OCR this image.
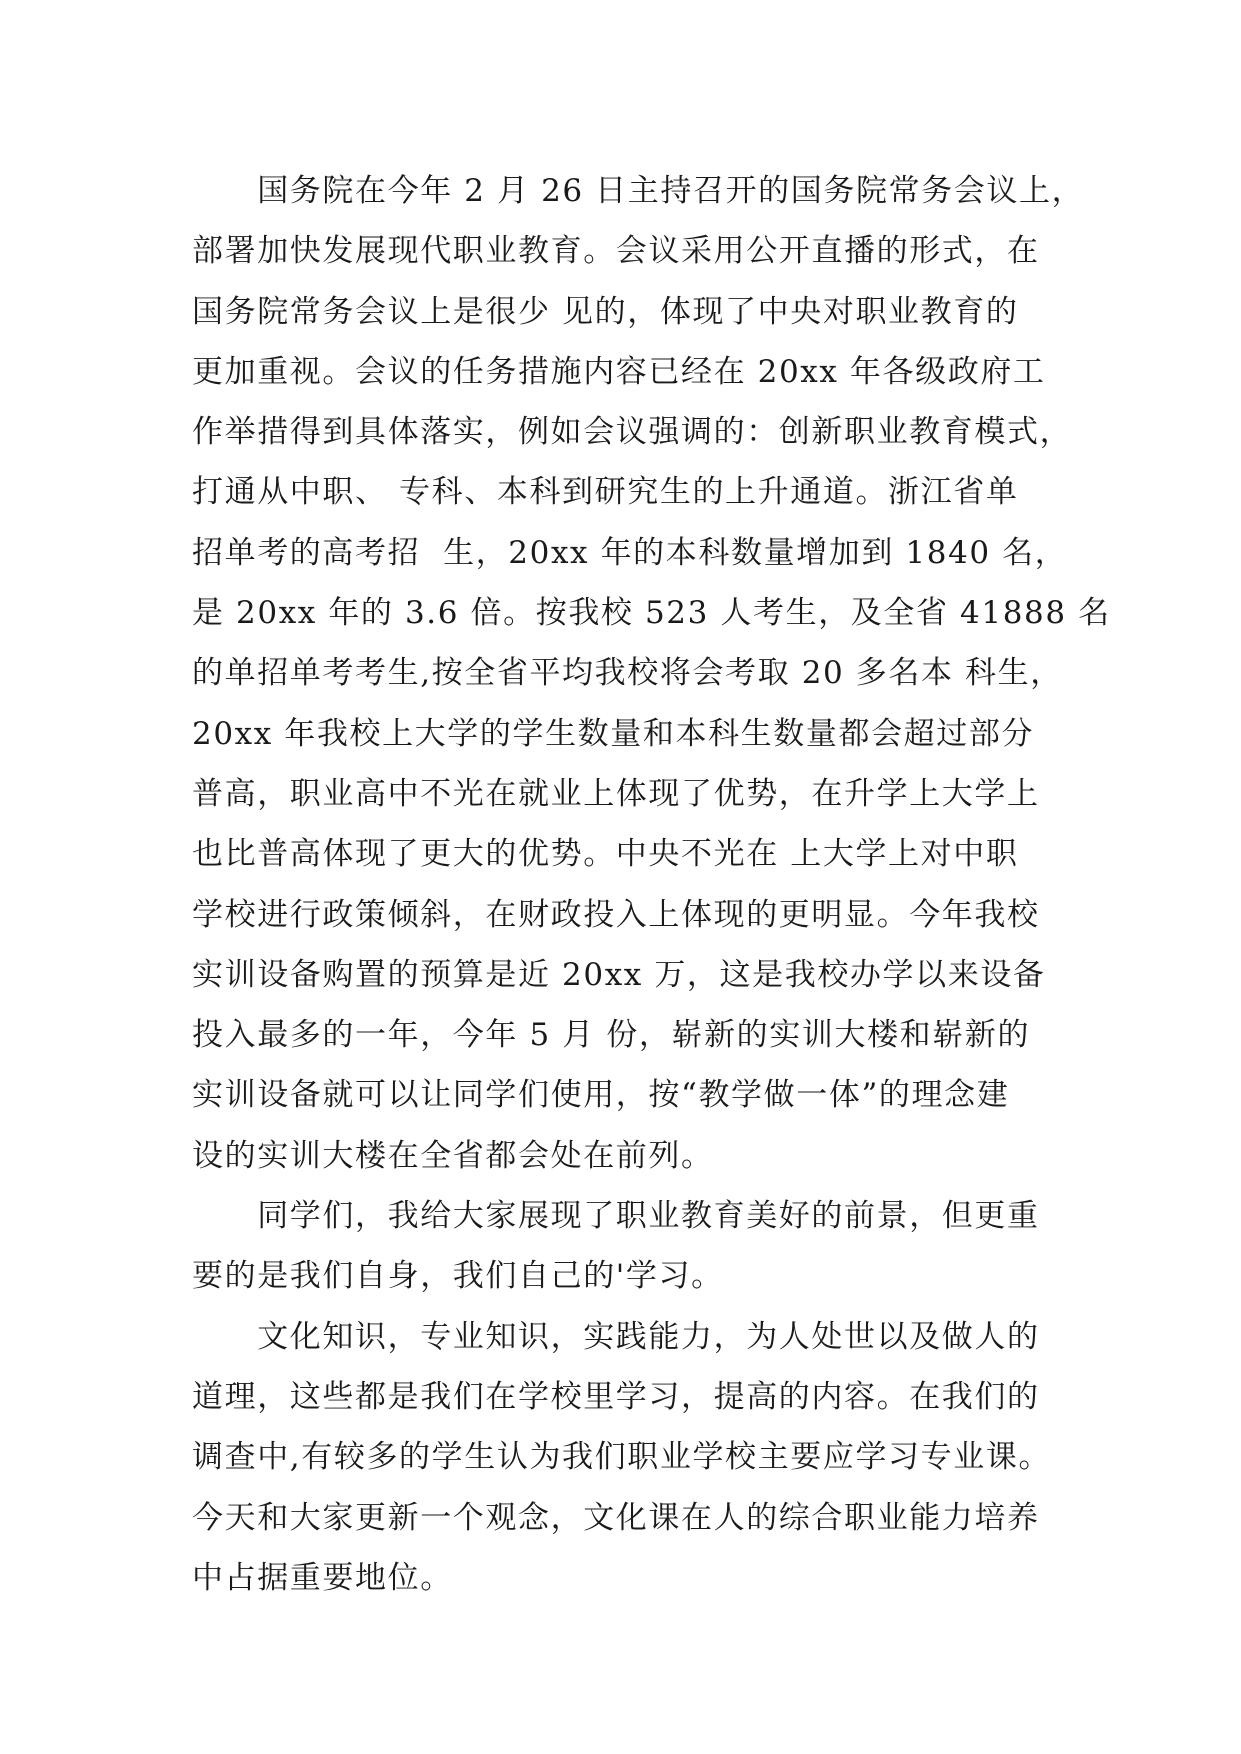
　　国务院在今年 2 月 26 日主持召开的国务院常务会议上，
部署加快发展现代职业教育。会议采用公开直播的形式，在
国务院常务会议上是很少 见的，体现了中央对职业教育的
更加重视。会议的任务措施内容已经在 20xx 年各级政府工
作举措得到具体落实，例如会议强调的：创新职业教育模式，
打通从中职、 专科、本科到研究生的上升通道。浙江省单
招单考的高考招  生，20xx 年的本科数量增加到 1840 名，
是 20xx 年的 3.6 倍。按我校 523 人考生，及全省 41888 名
的单招单考考生,按全省平均我校将会考取 20 多名本 科生，
20xx 年我校上大学的学生数量和本科生数量都会超过部分
普高，职业高中不光在就业上体现了优势，在升学上大学上
也比普高体现了更大的优势。中央不光在 上大学上对中职
学校进行政策倾斜，在财政投入上体现的更明显。今年我校
实训设备购置的预算是近 20xx 万，这是我校办学以来设备
投入最多的一年，今年 5 月 份，崭新的实训大楼和崭新的
实训设备就可以让同学们使用，按“教学做一体”的理念建
设的实训大楼在全省都会处在前列。
　　同学们，我给大家展现了职业教育美好的前景，但更重
要的是我们自身，我们自己的'学习。
　　文化知识，专业知识，实践能力，为人处世以及做人的
道理，这些都是我们在学校里学习，提高的内容。在我们的
调查中,有较多的学生认为我们职业学校主要应学习专业课。
今天和大家更新一个观念，文化课在人的综合职业能力培养
中占据重要地位。
